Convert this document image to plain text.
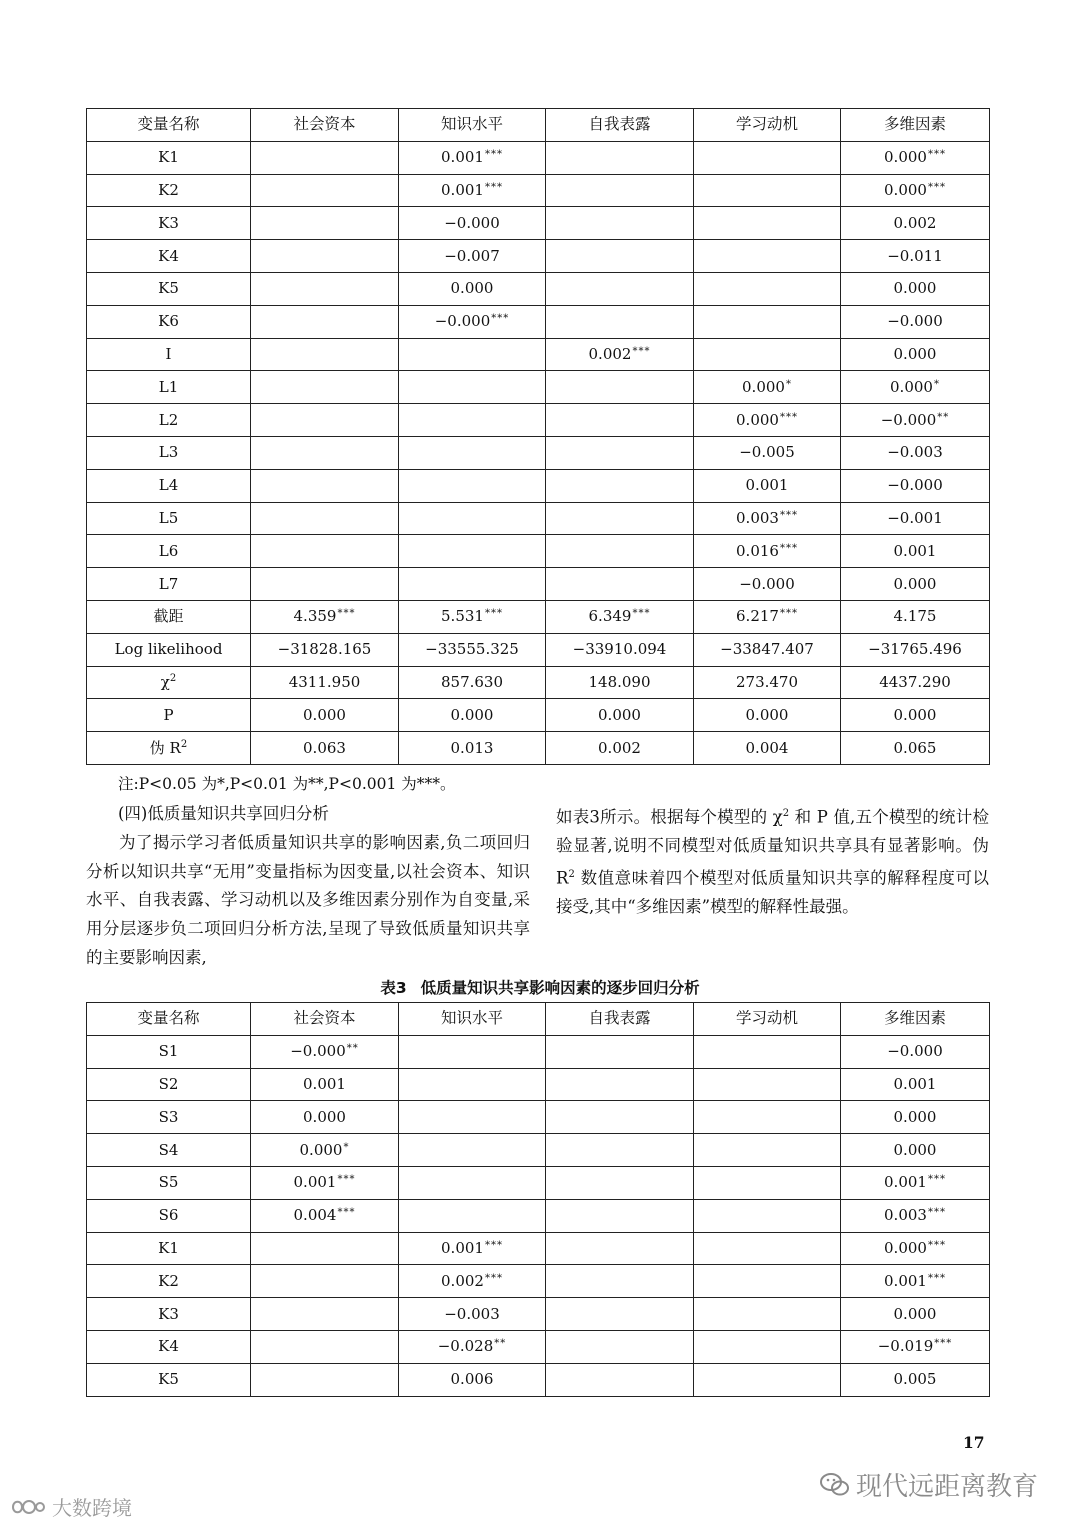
变量名称	社会资本	知识水平	自我表露	学习动机	多维因素
K1		0.001***			0.000***
K2		0.001***			0.000***
K3		−0.000			0.002
K4		−0.007			−0.011
K5		0.000			0.000
K6		−0.000***			−0.000
I			0.002***		0.000
L1				0.000*	0.000*
L2				0.000***	−0.000**
L3				−0.005	−0.003
L4				0.001	−0.000
L5				0.003***	−0.001
L6				0.016***	0.001
L7				−0.000	0.000
截距	4.359***	5.531***	6.349***	6.217***	4.175
Log likelihood	−31828.165	−33555.325	−33910.094	−33847.407	−31765.496
$\chi^2$	4311.950	857.630	148.090	273.470	4437.290
P	0.000	0.000	0.000	0.000	0.000
伪 $R^2$	0.063	0.013	0.002	0.004	0.065
注:P<0.05 为*,P<0.01 为**,P<0.001 为***。

(四)低质量知识共享回归分析

为了揭示学习者低质量知识共享的影响因素,负二项回归分析以知识共享“无用”变量指标为因变量,以社会资本、知识水平、自我表露、学习动机以及多维因素分别作为自变量,采用分层逐步负二项回归分析方法,呈现了导致低质量知识共享的主要影响因素,

如表3所示。根据每个模型的 $\chi^2$ 和 P 值,五个模型的统计检验显著,说明不同模型对低质量知识共享具有显著影响。伪 $R^2$ 数值意味着四个模型对低质量知识共享的解释程度可以接受,其中“多维因素”模型的解释性最强。

表3 低质量知识共享影响因素的逐步回归分析
变量名称	社会资本	知识水平	自我表露	学习动机	多维因素
S1	−0.000**				−0.000
S2	0.001				0.001
S3	0.000				0.000
S4	0.000*				0.000
S5	0.001***				0.001***
S6	0.004***				0.003***
K1		0.001***			0.000***
K2		0.002***			0.001***
K3		−0.003			0.000
K4		−0.028**			−0.019***
K5		0.006			0.005
17
现代远距离教育
大数跨境
